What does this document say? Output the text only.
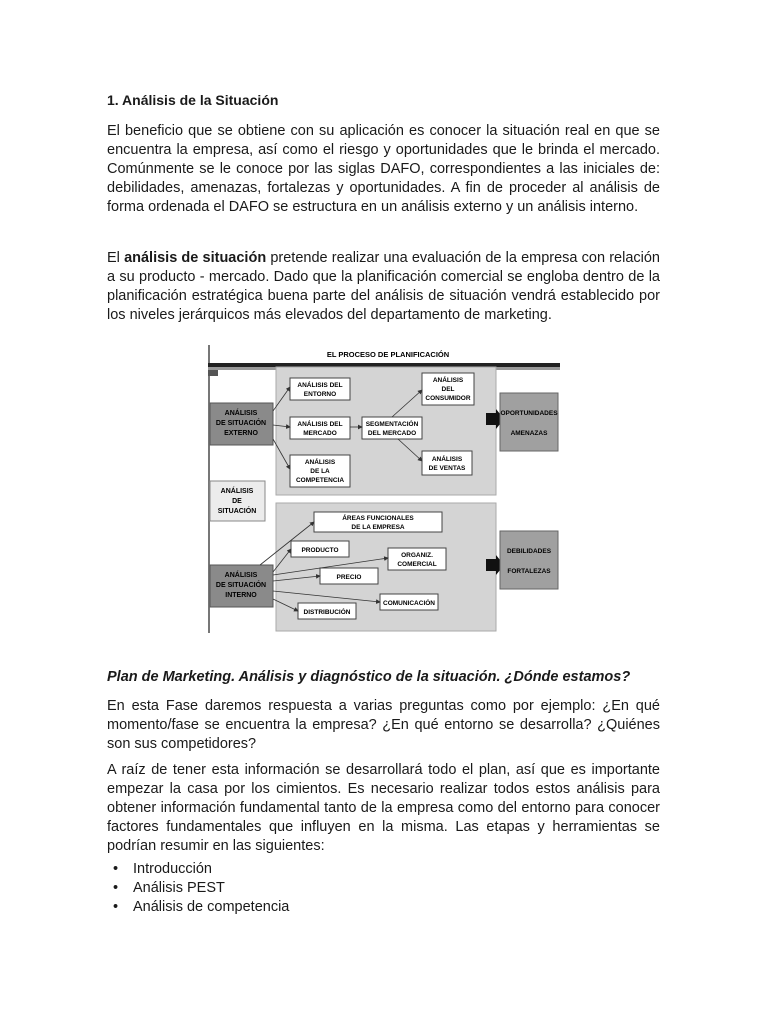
1. Análisis de la Situación

El beneficio que se obtiene con su aplicación es conocer la situación real en que se encuentra la empresa, así como el riesgo y oportunidades que le brinda el mercado. Comúnmente se le conoce por las siglas DAFO, correspondientes a las iniciales de: debilidades, amenazas, fortalezas y oportunidades. A fin de proceder al análisis de forma ordenada el DAFO se estructura en un análisis externo y un análisis interno.

El análisis de situación pretende realizar una evaluación de la empresa con relación a su producto - mercado. Dado que la planificación comercial se engloba dentro de la planificación estratégica buena parte del análisis de situación vendrá establecido por los niveles jerárquicos más elevados del departamento de marketing.

EL PROCESO DE PLANIFICACIÓN
ANÁLISIS
DE SITUACIÓN
EXTERNO
ANÁLISIS
DE
SITUACIÓN
ANÁLISIS
DE SITUACIÓN
INTERNO
ANÁLISIS DEL
ENTORNO
ANÁLISIS DEL
MERCADO
ANÁLISIS
DE LA
COMPETENCIA
SEGMENTACIÓN
DEL MERCADO
ANÁLISIS
DEL
CONSUMIDOR
ANÁLISIS
DE VENTAS
OPORTUNIDADES
AMENAZAS
ÁREAS FUNCIONALES
DE LA EMPRESA
PRODUCTO
ORGANIZ.
COMERCIAL
PRECIO
COMUNICACIÓN
DISTRIBUCIÓN
DEBILIDADES
FORTALEZAS
Plan de Marketing. Análisis y diagnóstico de la situación. ¿Dónde estamos?

En esta Fase daremos respuesta a varias preguntas como por ejemplo: ¿En qué momento/fase se encuentra la empresa? ¿En qué entorno se desarrolla? ¿Quiénes son sus competidores?

A raíz de tener esta información se desarrollará todo el plan, así que es importante empezar la casa por los cimientos. Es necesario realizar todos estos análisis para obtener información fundamental tanto de la empresa como del entorno para conocer factores fundamentales que influyen en la misma. Las etapas y herramientas se podrían resumir en las siguientes:

• Introducción
• Análisis PEST
• Análisis de competencia
